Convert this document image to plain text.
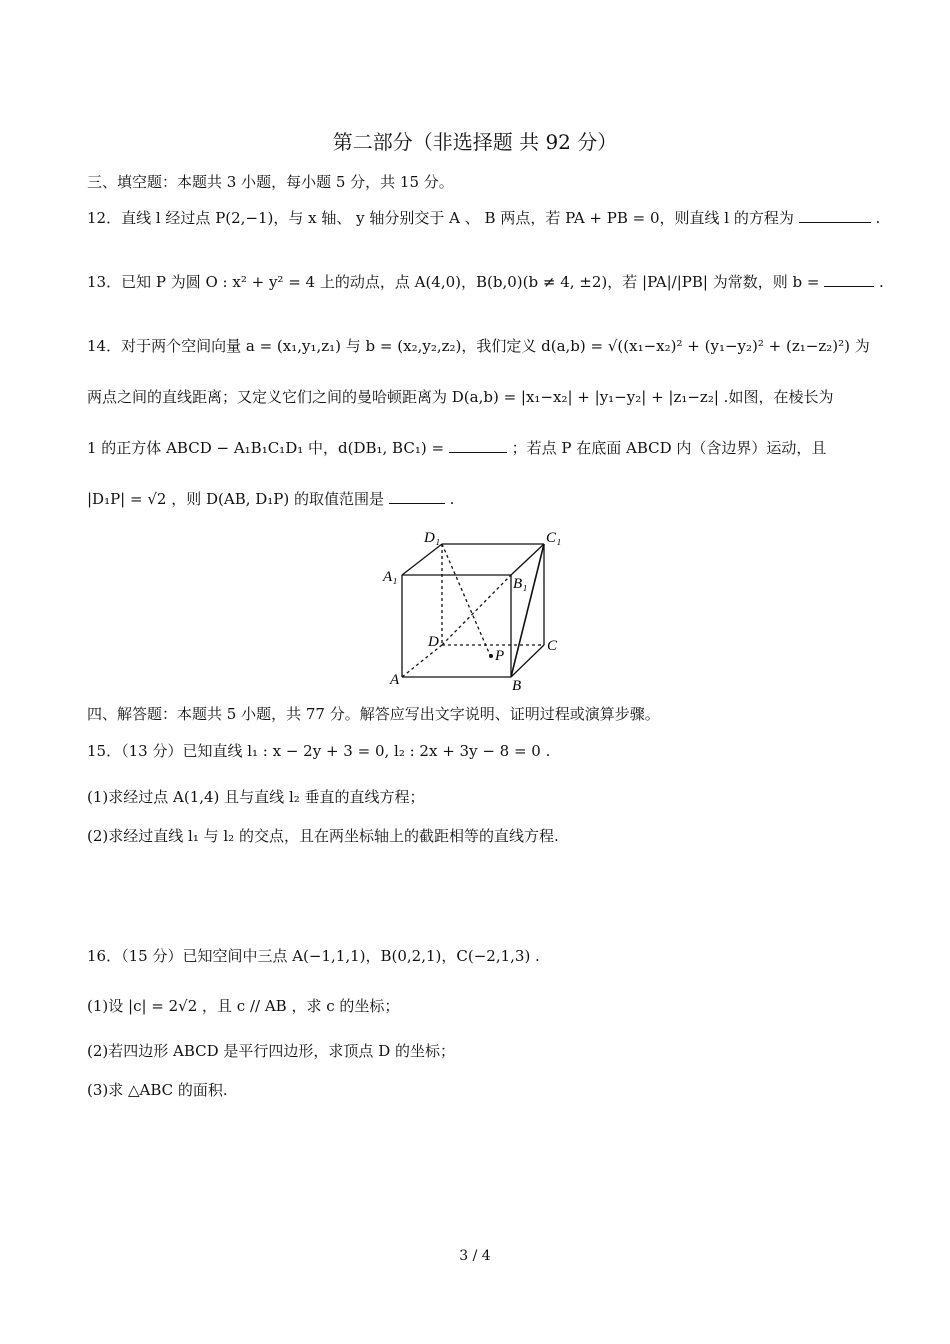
第二部分（非选择题 共 92 分）
三、填空题：本题共 3 小题，每小题 5 分，共 15 分。
12．直线 l 经过点 P(2,−1)，与 x 轴、 y 轴分别交于 A 、 B 两点，若 PA + PB = 0，则直线 l 的方程为	.
13．已知 P 为圆 O : x² + y² = 4 上的动点，点 A(4,0)，B(b,0)(b ≠ 4, ±2)，若 |PA|/|PB| 为常数，则 b =	.
14．对于两个空间向量 a = (x₁,y₁,z₁) 与 b = (x₂,y₂,z₂)，我们定义 d(a,b) = √((x₁−x₂)² + (y₁−y₂)² + (z₁−z₂)²) 为
两点之间的直线距离；又定义它们之间的曼哈顿距离为 D(a,b) = |x₁−x₂| + |y₁−y₂| + |z₁−z₂| .如图，在棱长为
1 的正方体 ABCD − A₁B₁C₁D₁ 中，d(DB₁, BC₁) =	；若点 P 在底面 ABCD 内（含边界）运动，且
|D₁P| = √2 ，则 D(AB, D₁P) 的取值范围是	.
D₁	C₁
A₁	B₁
D	C
P
A	B
四、解答题：本题共 5 小题，共 77 分。解答应写出文字说明、证明过程或演算步骤。
15．（13 分）已知直线 l₁ : x − 2y + 3 = 0, l₂ : 2x + 3y − 8 = 0 .
(1)求经过点 A(1,4) 且与直线 l₂ 垂直的直线方程；
(2)求经过直线 l₁ 与 l₂ 的交点，且在两坐标轴上的截距相等的直线方程.
16．（15 分）已知空间中三点 A(−1,1,1)，B(0,2,1)，C(−2,1,3) .
(1)设 |c| = 2√2 ，且 c // AB ，求 c 的坐标；
(2)若四边形 ABCD 是平行四边形，求顶点 D 的坐标；
(3)求 △ABC 的面积.
3 / 4
